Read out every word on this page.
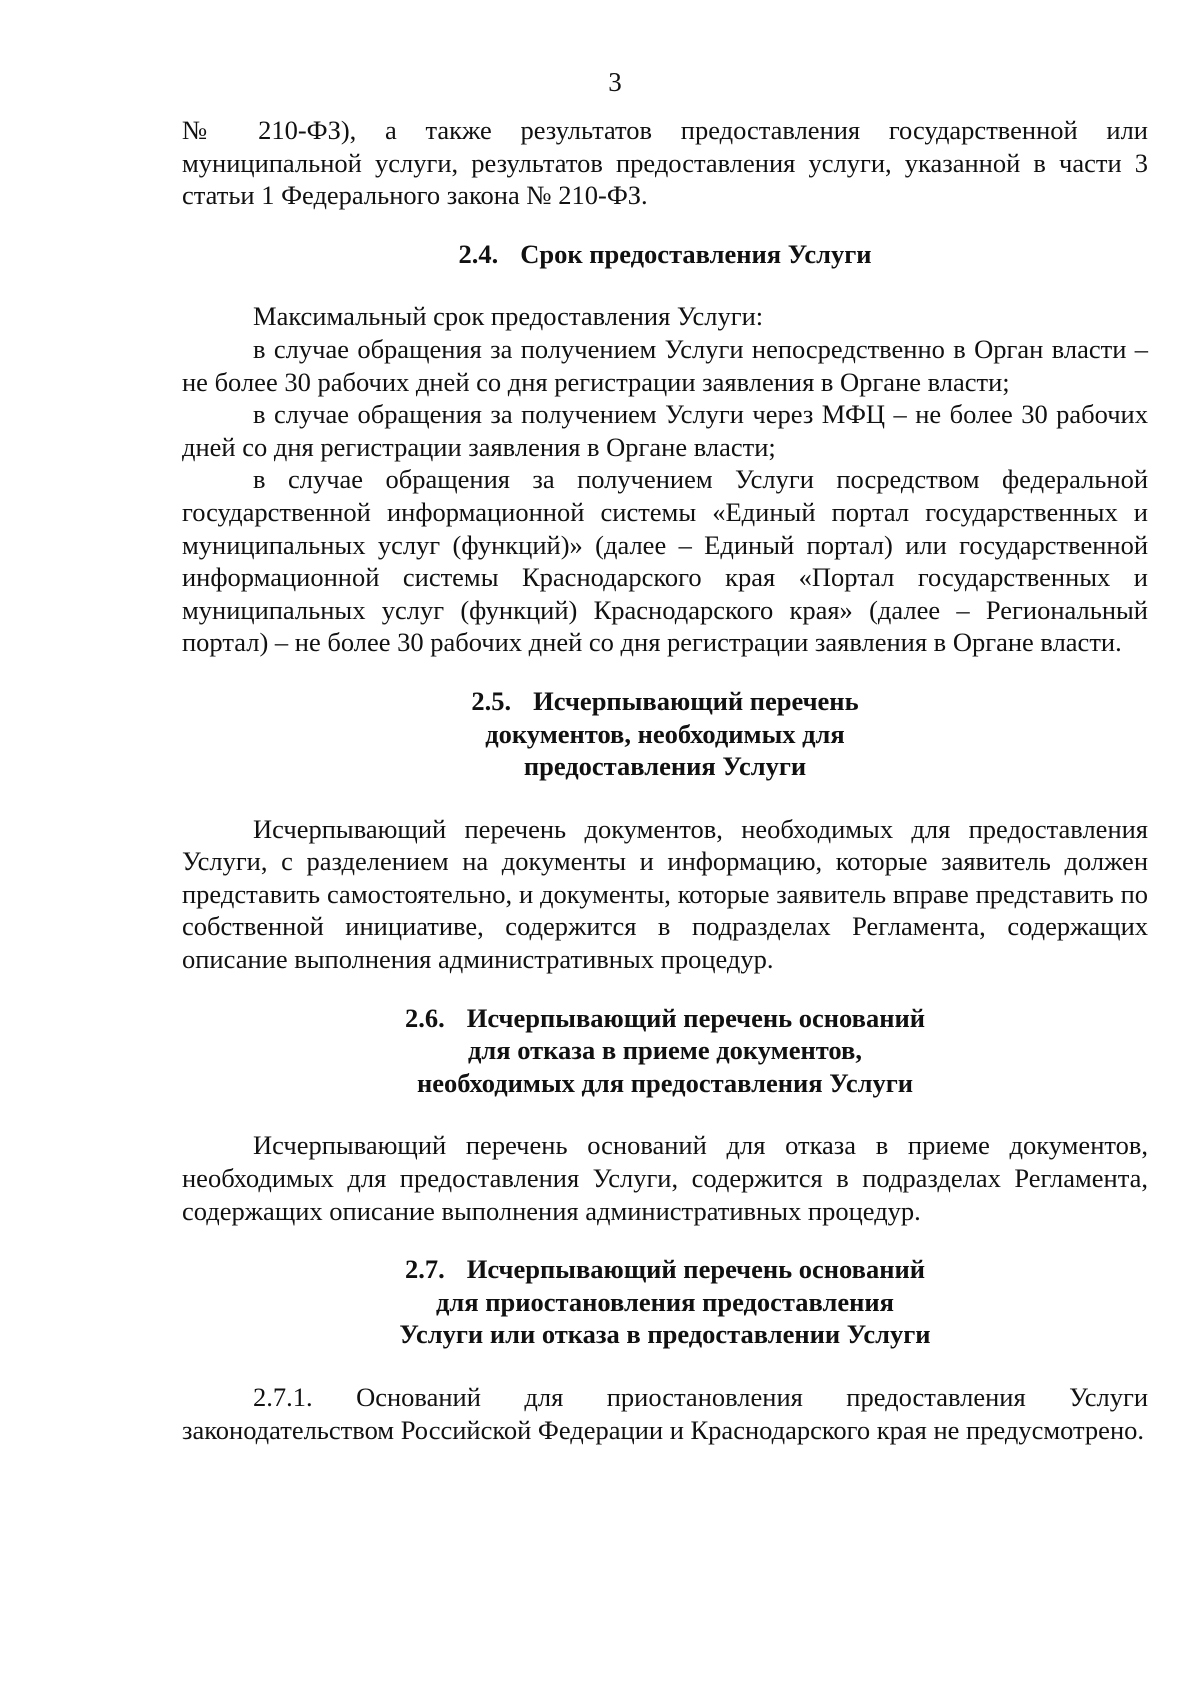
3

№ 210-ФЗ), а также результатов предоставления государственной или муниципальной услуги, результатов предоставления услуги, указанной в части 3 статьи 1 Федерального закона № 210-ФЗ.

2.4. Срок предоставления Услуги

Максимальный срок предоставления Услуги:

в случае обращения за получением Услуги непосредственно в Орган власти – не более 30 рабочих дней со дня регистрации заявления в Органе власти;

в случае обращения за получением Услуги через МФЦ – не более 30 рабочих дней со дня регистрации заявления в Органе власти;

в случае обращения за получением Услуги посредством федеральной государственной информационной системы «Единый портал государственных и муниципальных услуг (функций)» (далее – Единый портал) или государственной информационной системы Краснодарского края «Портал государственных и муниципальных услуг (функций) Краснодарского края» (далее – Региональный портал) – не более 30 рабочих дней со дня регистрации заявления в Органе власти.

2.5. Исчерпывающий перечень
документов, необходимых для
предоставления Услуги

Исчерпывающий перечень документов, необходимых для предоставления Услуги, с разделением на документы и информацию, которые заявитель должен представить самостоятельно, и документы, которые заявитель вправе представить по собственной инициативе, содержится в подразделах Регламента, содержащих описание выполнения административных процедур.

2.6. Исчерпывающий перечень оснований
для отказа в приеме документов,
необходимых для предоставления Услуги

Исчерпывающий перечень оснований для отказа в приеме документов, необходимых для предоставления Услуги, содержится в подразделах Регламента, содержащих описание выполнения административных процедур.

2.7. Исчерпывающий перечень оснований
для приостановления предоставления
Услуги или отказа в предоставлении Услуги

2.7.1. Оснований для приостановления предоставления Услуги законодательством Российской Федерации и Краснодарского края не предусмотрено.
